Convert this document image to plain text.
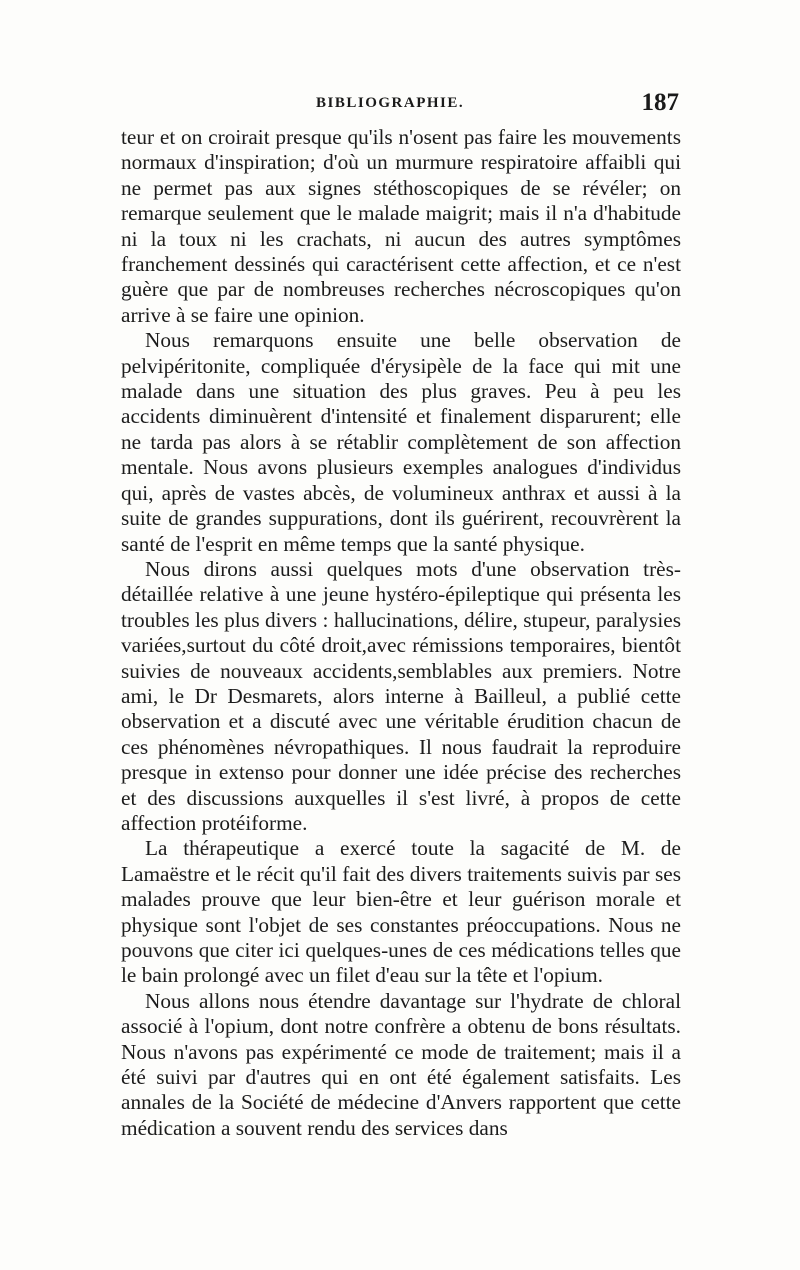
BIBLIOGRAPHIE.	187

teur et on croirait presque qu'ils n'osent pas faire les mouvements normaux d'inspiration; d'où un murmure respiratoire affaibli qui ne permet pas aux signes stéthoscopiques de se révéler; on remarque seulement que le malade maigrit; mais il n'a d'habitude ni la toux ni les crachats, ni aucun des autres symptômes franchement dessinés qui caractérisent cette affection, et ce n'est guère que par de nombreuses recherches nécroscopiques qu'on arrive à se faire une opinion.

Nous remarquons ensuite une belle observation de pelvipéritonite, compliquée d'érysipèle de la face qui mit une malade dans une situation des plus graves. Peu à peu les accidents diminuèrent d'intensité et finalement disparurent; elle ne tarda pas alors à se rétablir complètement de son affection mentale. Nous avons plusieurs exemples analogues d'individus qui, après de vastes abcès, de volumineux anthrax et aussi à la suite de grandes suppurations, dont ils guérirent, recouvrèrent la santé de l'esprit en même temps que la santé physique.

Nous dirons aussi quelques mots d'une observation très-détaillée relative à une jeune hystéro-épileptique qui présenta les troubles les plus divers : hallucinations, délire, stupeur, paralysies variées,surtout du côté droit,avec rémissions temporaires, bientôt suivies de nouveaux accidents,semblables aux premiers. Notre ami, le Dr Desmarets, alors interne à Bailleul, a publié cette observation et a discuté avec une véritable érudition chacun de ces phénomènes névropathiques. Il nous faudrait la reproduire presque in extenso pour donner une idée précise des recherches et des discussions auxquelles il s'est livré, à propos de cette affection protéiforme.

La thérapeutique a exercé toute la sagacité de M. de Lamaëstre et le récit qu'il fait des divers traitements suivis par ses malades prouve que leur bien-être et leur guérison morale et physique sont l'objet de ses constantes préoccupations. Nous ne pouvons que citer ici quelques-unes de ces médications telles que le bain prolongé avec un filet d'eau sur la tête et l'opium.

Nous allons nous étendre davantage sur l'hydrate de chloral associé à l'opium, dont notre confrère a obtenu de bons résultats. Nous n'avons pas expérimenté ce mode de traitement; mais il a été suivi par d'autres qui en ont été également satisfaits. Les annales de la Société de médecine d'Anvers rapportent que cette médication a souvent rendu des services dans
